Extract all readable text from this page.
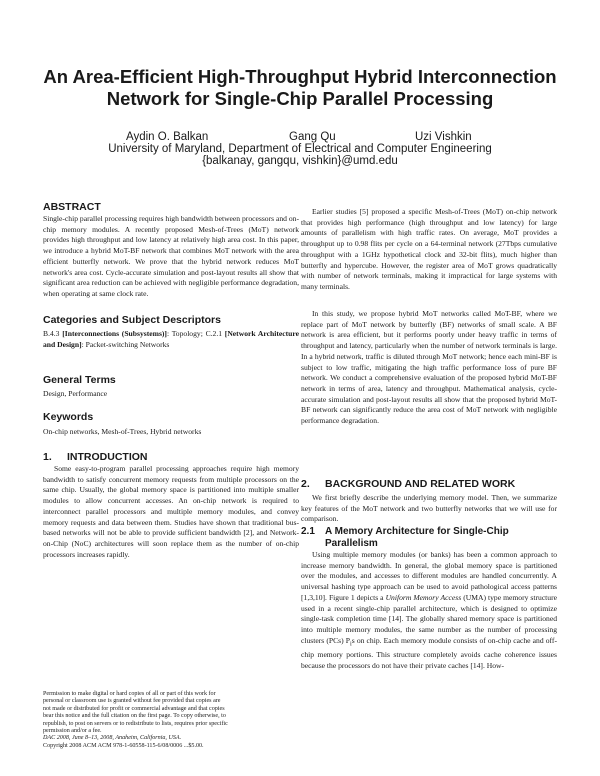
An Area-Efficient High-Throughput Hybrid Interconnection Network for Single-Chip Parallel Processing
Aydin O. Balkan	Gang Qu	Uzi Vishkin
University of Maryland, Department of Electrical and Computer Engineering
{balkanay, gangqu, vishkin}@umd.edu
ABSTRACT

Single-chip parallel processing requires high bandwidth between processors and on-chip memory modules. A recently proposed Mesh-of-Trees (MoT) network provides high throughput and low latency at relatively high area cost. In this paper, we introduce a hybrid MoT-BF network that combines MoT network with the area efficient butterfly network. We prove that the hybrid network reduces MoT network's area cost. Cycle-accurate simulation and post-layout results all show that significant area reduction can be achieved with negligible performance degradation, when operating at same clock rate.

Categories and Subject Descriptors

B.4.3 [Interconnections (Subsystems)]: Topology; C.2.1 [Network Architecture and Design]: Packet-switching Networks

General Terms

Design, Performance

Keywords

On-chip networks, Mesh-of-Trees, Hybrid networks

1. INTRODUCTION

Some easy-to-program parallel processing approaches require high memory bandwidth to satisfy concurrent memory requests from multiple processors on the same chip. Usually, the global memory space is partitioned into multiple smaller modules to allow concurrent accesses. An on-chip network is required to interconnect parallel processors and multiple memory modules, and convey memory requests and data between them. Studies have shown that traditional bus-based networks will not be able to provide sufficient bandwidth [2], and Network-on-Chip (NoC) architectures will soon replace them as the number of on-chip processors increases rapidly.

Permission to make digital or hard copies of all or part of this work for
personal or classroom use is granted without fee provided that copies are
not made or distributed for profit or commercial advantage and that copies
bear this notice and the full citation on the first page. To copy otherwise, to
republish, to post on servers or to redistribute to lists, requires prior specific
permission and/or a fee.
DAC 2008, June 8–13, 2008, Anaheim, California, USA.
Copyright 2008 ACM ACM 978-1-60558-115-6/08/0006 ...$5.00.

Earlier studies [5] proposed a specific Mesh-of-Trees (MoT) on-chip network that provides high performance (high throughput and low latency) for large amounts of parallelism with high traffic rates. On average, MoT provides a throughput up to 0.98 flits per cycle on a 64-terminal network (27Tbps cumulative throughput with a 1GHz hypothetical clock and 32-bit flits), much higher than butterfly and hypercube. However, the register area of MoT grows quadratically with number of network terminals, making it impractical for large systems with many terminals.

In this study, we propose hybrid MoT networks called MoT-BF, where we replace part of MoT network by butterfly (BF) networks of small scale. A BF network is area efficient, but it performs poorly under heavy traffic in terms of throughput and latency, particularly when the number of network terminals is large. In a hybrid network, traffic is diluted through MoT network; hence each mini-BF is subject to low traffic, mitigating the high traffic performance loss of pure BF network. We conduct a comprehensive evaluation of the proposed hybrid MoT-BF network in terms of area, latency and throughput. Mathematical analysis, cycle-accurate simulation and post-layout results all show that the proposed hybrid MoT-BF network can significantly reduce the area cost of MoT network with negligible performance degradation.

2. BACKGROUND AND RELATED WORK

We first briefly describe the underlying memory model. Then, we summarize key features of the MoT network and two butterfly networks that we will use for comparison.

2.1 A Memory Architecture for Single-Chip
Parallelism

Using multiple memory modules (or banks) has been a common approach to increase memory bandwidth. In general, the global memory space is partitioned over the modules, and accesses to different modules are handled concurrently. A universal hashing type approach can be used to avoid pathological access patterns [1,3,10]. Figure 1 depicts a Uniform Memory Access (UMA) type memory structure used in a recent single-chip parallel architecture, which is designed to optimize single-task completion time [14]. The globally shared memory space is partitioned into multiple memory modules, the same number as the number of processing clusters (PCs) $P_is$ on chip. Each memory module consists of on-chip cache and off-chip memory portions. This structure completely avoids cache coherence issues because the processors do not have their private caches [14]. How-
